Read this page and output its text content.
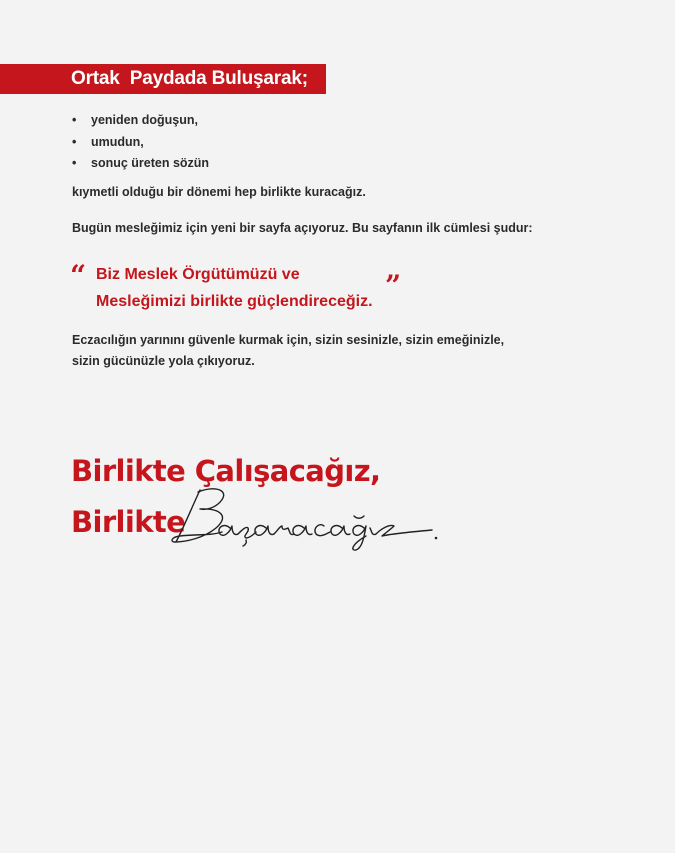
Ortak  Paydada Buluşarak;
• yeniden doğuşun,
• umudun,
• sonuç üreten sözün

kıymetli olduğu bir dönemi hep birlikte kuracağız.

Bugün mesleğimiz için yeni bir sayfa açıyoruz. Bu sayfanın ilk cümlesi şudur:

“ Biz Meslek Örgütümüzü ve
Mesleğimizi birlikte güçlendireceğiz. ”
Eczacılığın yarınını güvenle kurmak için, sizin sesinizle, sizin emeğinizle,
sizin gücünüzle yola çıkıyoruz.
Birlikte Çalışacağız,
Birlikte
